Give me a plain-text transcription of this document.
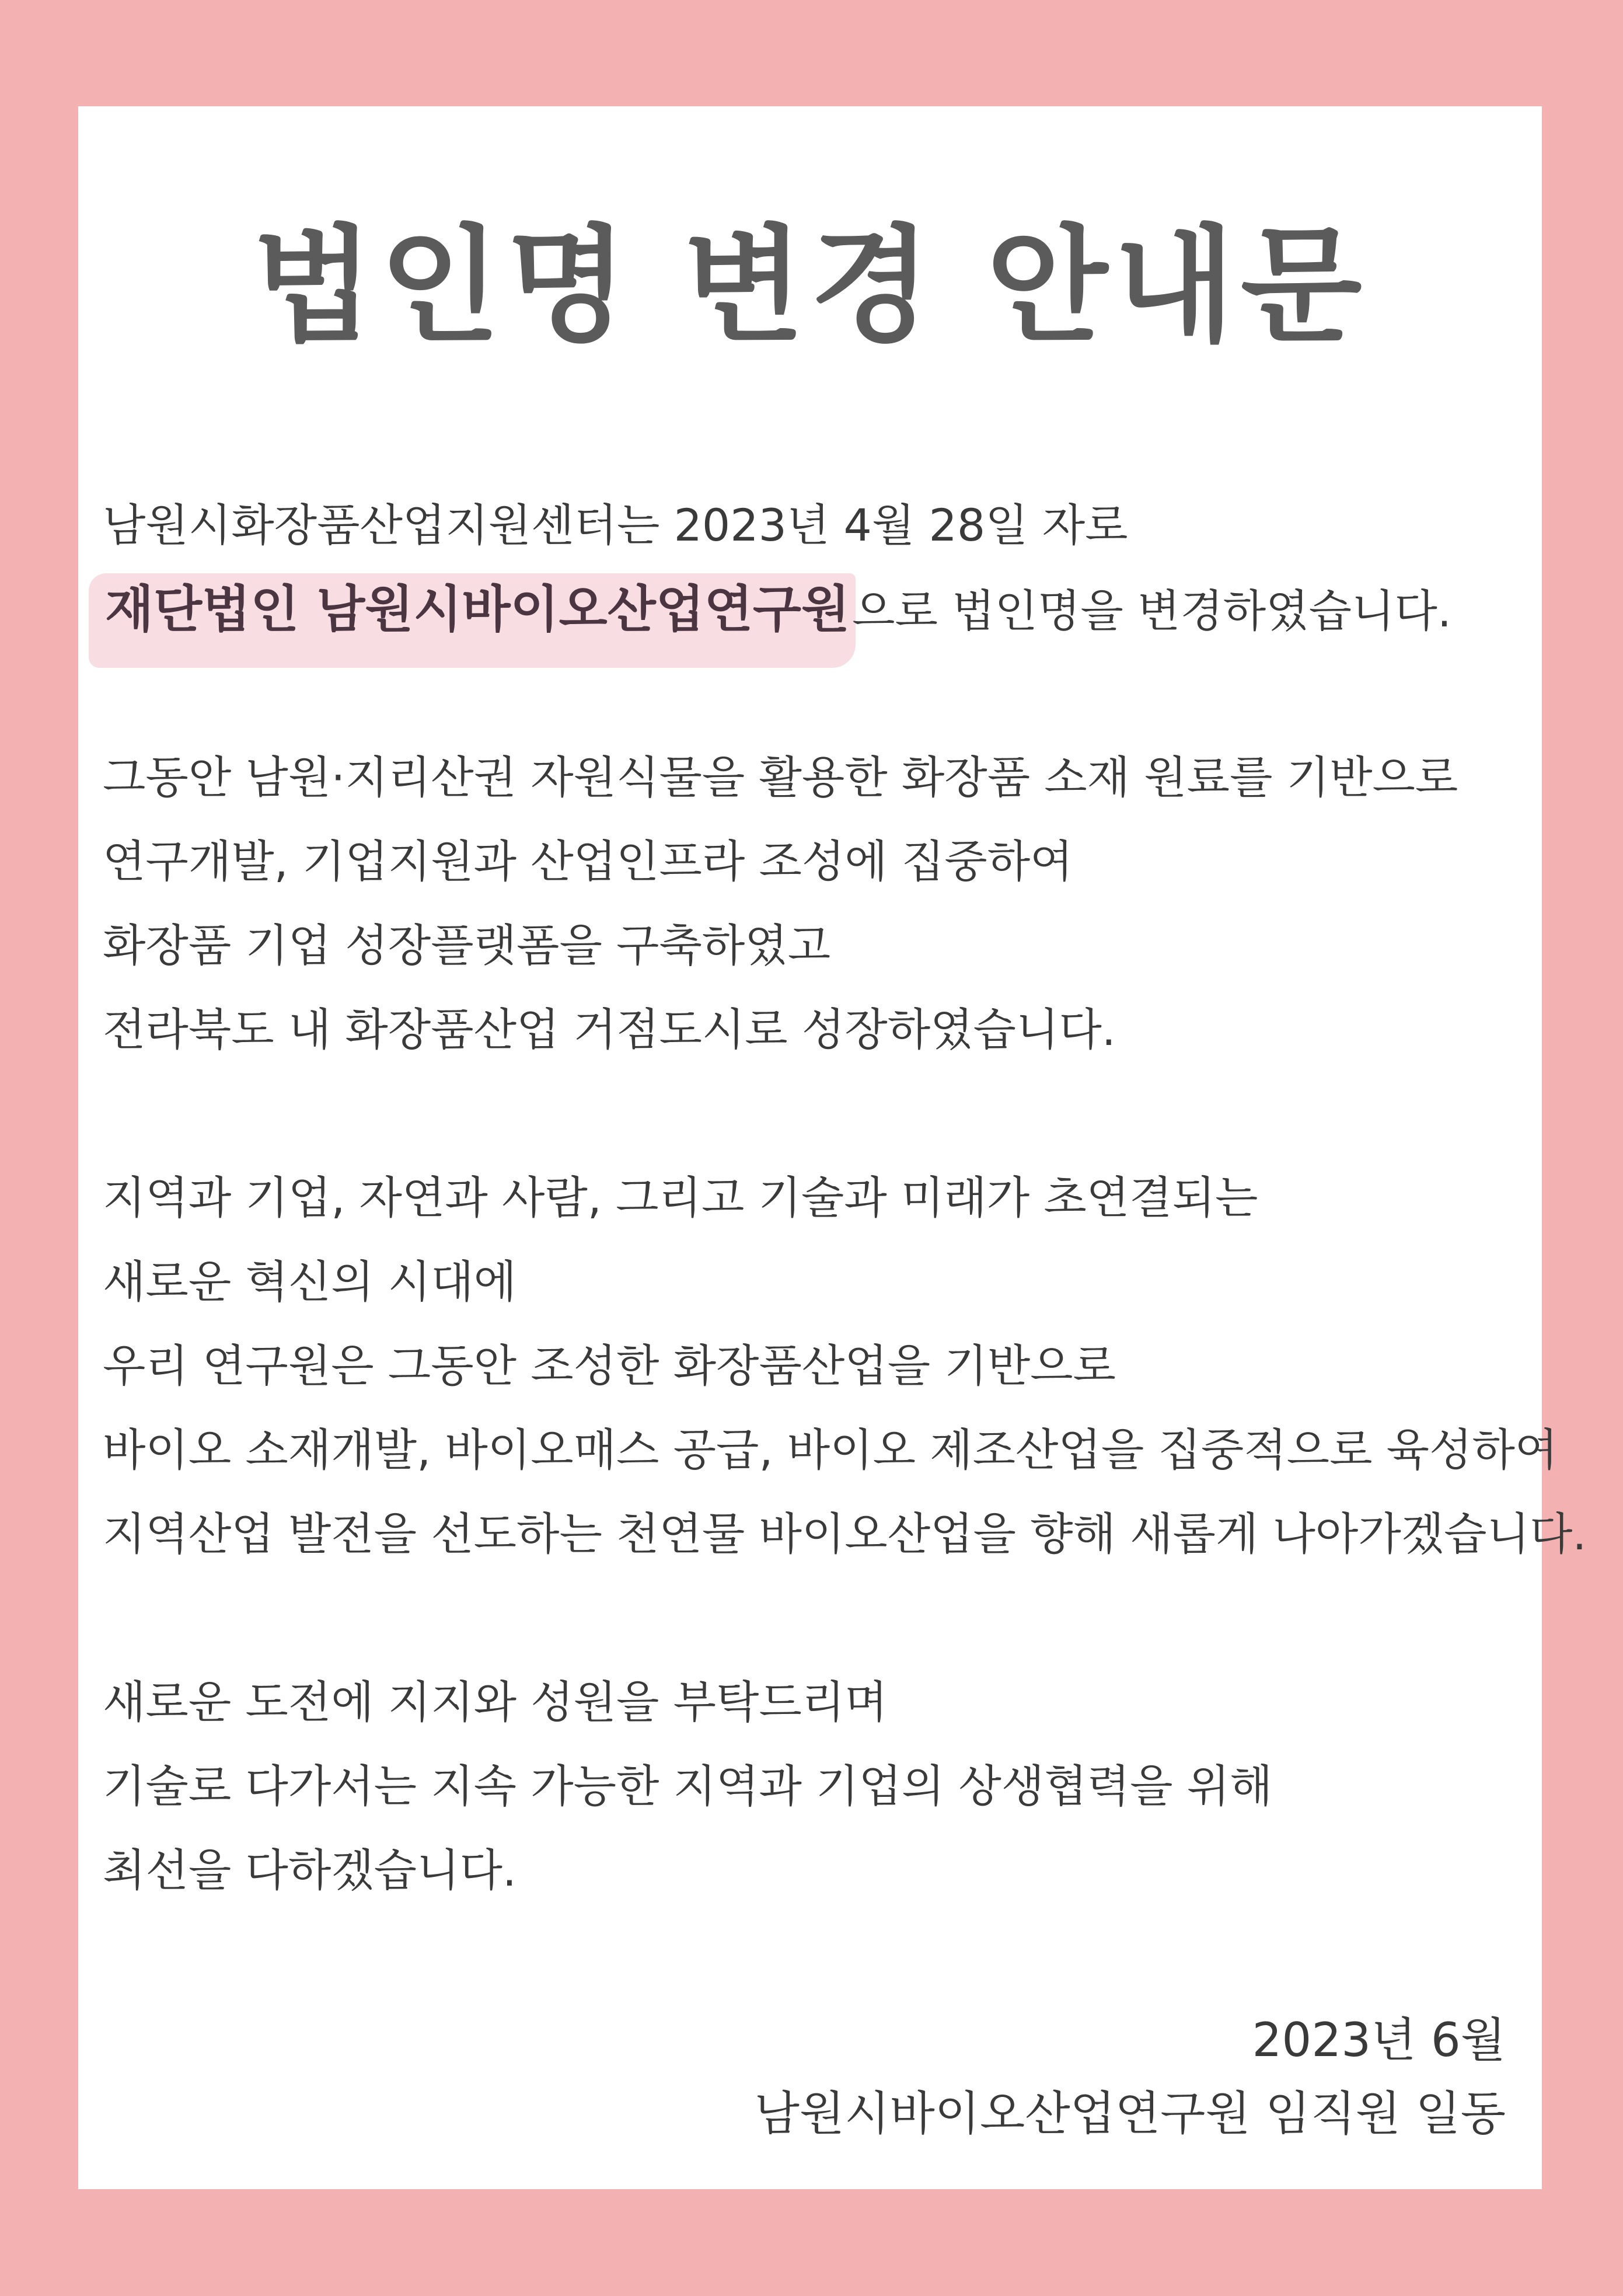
법인명 변경 안내문
남원시화장품산업지원센터는 2023년 4월 28일 자로
재단법인 남원시바이오산업연구원으로 법인명을 변경하였습니다.
그동안 남원·지리산권 자원식물을 활용한 화장품 소재 원료를 기반으로
연구개발, 기업지원과 산업인프라 조성에 집중하여
화장품 기업 성장플랫폼을 구축하였고
전라북도 내 화장품산업 거점도시로 성장하였습니다.
지역과 기업, 자연과 사람, 그리고 기술과 미래가 초연결되는
새로운 혁신의 시대에
우리 연구원은 그동안 조성한 화장품산업을 기반으로
바이오 소재개발, 바이오매스 공급, 바이오 제조산업을 집중적으로 육성하여
지역산업 발전을 선도하는 천연물 바이오산업을 향해 새롭게 나아가겠습니다.
새로운 도전에 지지와 성원을 부탁드리며
기술로 다가서는 지속 가능한 지역과 기업의 상생협력을 위해
최선을 다하겠습니다.
2023년 6월
남원시바이오산업연구원 임직원 일동
